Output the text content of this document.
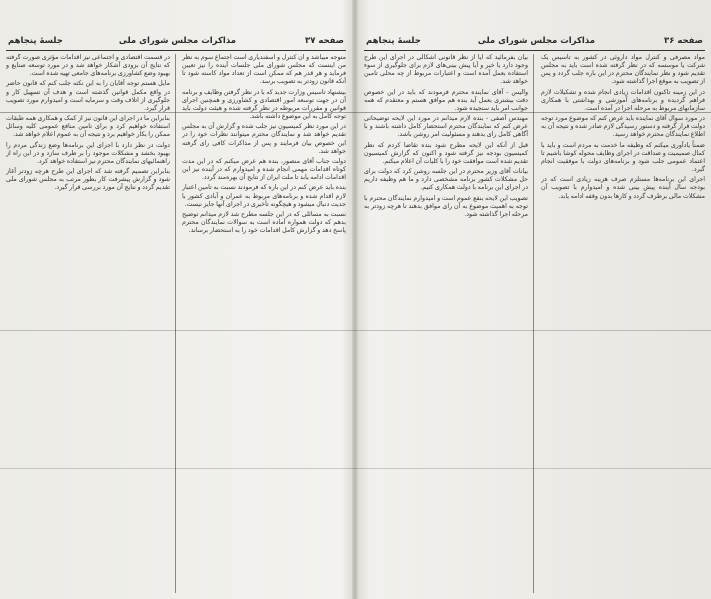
صفحه ۳۷
مذاکرات مجلس شورای ملی
جلسهٔ پنجاهم

متوجه میباشد و آن کنترل و اسفندیاری است اجتماع سوم به نظر من اینست که مجلس شورای ملی جلسات آینده را نیز تعیین فرماید و هر قدر هم که ممکن است از تعداد مواد کاسته شود تا آنکه قانون زودتر به تصویب برسد.

بیشنهاد تاسیس وزارت جدید که با در نظر گرفتن وظایف و برنامه آن در جهت توسعه امور اقتصادی و کشاورزی و همچنین اجرای قوانین و مقررات مربوطه در نظر گرفته شده و هیئت دولت باید توجه کامل به این موضوع داشته باشد.

در این مورد نظر کمیسیون نیز جلب شده و گزارش آن به مجلس تقدیم خواهد شد و نمایندگان محترم میتوانند نظرات خود را در این خصوص بیان فرمایند و پس از مذاکرات کافی رای گرفته خواهد شد.

دولت جناب آقای منصور، بنده هم عرض میکنم که در این مدت کوتاه اقدامات مهمی انجام شده و امیدوارم که در آینده نیز این اقدامات ادامه یابد تا ملت ایران از نتایج آن بهره‌مند گردد.

بنده باید عرض کنم در این باره که فرمودند نسبت به تامین اعتبار لازم اقدام شده و برنامه‌های مربوط به عمران و آبادی کشور با جدیت دنبال میشود و هیچگونه تأخیری در اجرای آنها جایز نیست.

نسبت به مسائلی که در این جلسه مطرح شد لازم میدانم توضیح بدهم که دولت همواره آماده است به سوالات نمایندگان محترم پاسخ دهد و گزارش کامل اقدامات خود را به استحضار برساند.

در قسمت اقتصادی و اجتماعی نیز اقدامات مؤثری صورت گرفته که نتایج آن بزودی آشکار خواهد شد و در مورد توسعه صنایع و بهبود وضع کشاورزی برنامه‌های جامعی تهیه شده است.

مایل هستم توجه آقایان را به این نکته جلب کنم که قانون حاضر در واقع مکمل قوانین گذشته است و هدف آن تسهیل کار و جلوگیری از اتلاف وقت و سرمایه است و امیدوارم مورد تصویب قرار گیرد.

بنابراین ما در اجرای این قانون نیز از کمک و همکاری همه طبقات استفاده خواهیم کرد و برای تامین منافع عمومی کلیه وسائل ممکن را بکار خواهیم برد و نتیجه آن به عموم اعلام خواهد شد.

دولت در نظر دارد با اجرای این برنامه‌ها وضع زندگی مردم را بهبود بخشد و مشکلات موجود را بر طرف سازد و در این راه از راهنمائیهای نمایندگان محترم نیز استفاده خواهد کرد.

بنابراین تصمیم گرفته شد که اجرای این طرح هرچه زودتر آغاز شود و گزارش پیشرفت کار بطور مرتب به مجلس شورای ملی تقدیم گردد و نتایج آن مورد بررسی قرار گیرد.

صفحه ۳۶
مذاکرات مجلس شورای ملی
جلسهٔ پنجاهم

مواد مصرفی و کنترل مواد داروئی در کشور به تاسیس یک شرکت یا موسسه که در نظر گرفته شده است باید به مجلس تقدیم شود و نظر نمایندگان محترم در این باره جلب گردد و پس از تصویب به موقع اجرا گذاشته شود.

در این زمینه تاکنون اقدامات زیادی انجام شده و تشکیلات لازم فراهم گردیده و برنامه‌های آموزشی و بهداشتی با همکاری سازمانهای مربوط به مرحله اجرا در آمده است.

در مورد سوال آقای نماینده باید عرض کنم که موضوع مورد توجه دولت قرار گرفته و دستور رسیدگی لازم صادر شده و نتیجه آن به اطلاع نمایندگان محترم خواهد رسید.

ضمناً یادآوری میکنم که وظیفه ما خدمت به مردم است و باید با کمال صمیمیت و صداقت در اجرای وظایف محوله کوشا باشیم تا اعتماد عمومی جلب شود و برنامه‌های دولت با موفقیت انجام گیرد.

اجرای این برنامه‌ها مستلزم صرف هزینه زیادی است که در بودجه سال آینده پیش بینی شده و امیدوارم با تصویب آن مشکلات مالی برطرف گردد و کارها بدون وقفه ادامه یابد.

بیان بفرمائید که آیا از نظر قانونی اشکالی در اجرای این طرح وجود دارد یا خیر و آیا پیش بینی‌های لازم برای جلوگیری از سوء استفاده بعمل آمده است و اعتبارات مربوط از چه محلی تامین خواهد شد.

والیس - آقای نماینده محترم فرمودند که باید در این خصوص دقت بیشتری بعمل آید بنده هم موافق هستم و معتقدم که همه جوانب امر باید سنجیده شود.

مهندس آصفی - بنده لازم میدانم در مورد این لایحه توضیحاتی عرض کنم که نمایندگان محترم استحضار کامل داشته باشند و با آگاهی کامل رای بدهند و مسئولیت امر روشن باشد.

قبل از آنکه این لایحه مطرح شود بنده تقاضا کردم که نظر کمیسیون بودجه نیز گرفته شود و اکنون که گزارش کمیسیون تقدیم شده است موافقت خود را با کلیات آن اعلام میکنم.

بیانات آقای وزیر محترم در این جلسه روشن کرد که دولت برای حل مشکلات کشور برنامه مشخصی دارد و ما هم وظیفه داریم در اجرای این برنامه با دولت همکاری کنیم.

تصویب این لایحه بنفع عموم است و امیدوارم نمایندگان محترم با توجه به اهمیت موضوع به آن رای موافق بدهند تا هرچه زودتر به مرحله اجرا گذاشته شود.
